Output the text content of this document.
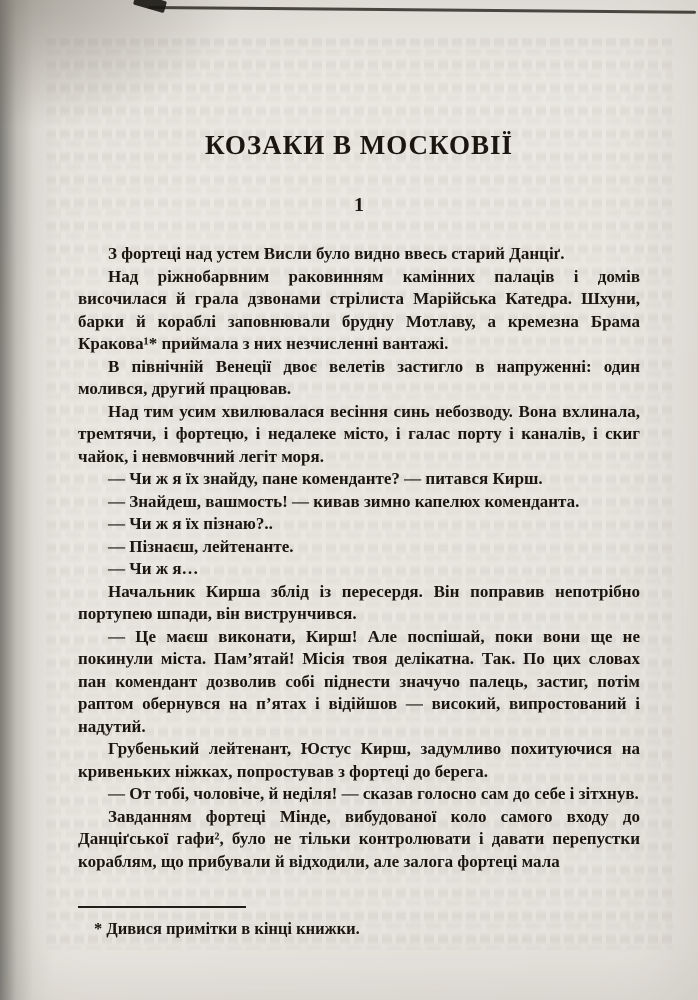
КОЗАКИ В МОСКОВІЇ
1

З фортеці над устем Висли було видно ввесь старий Данціґ.

Над ріжнобарвним раковинням камінних палаців і домів височилася й грала дзвонами стрілиста Марійська Катедра. Шхуни, барки й кораблі заповнювали брудну Мотлаву, а кремезна Брама Кракова¹* приймала з них незчисленні вантажі.

В північній Венеції двоє велетів застигло в напруженні: один молився, другий працював.

Над тим усим хвилювалася весіння синь небозводу. Вона вхлинала, тремтячи, і фортецю, і недалеке місто, і галас порту і каналів, і скиг чайок, і невмовчний легіт моря.

— Чи ж я їх знайду, пане коменданте? — питався Кирш.

— Знайдеш, вашмость! — кивав зимно капелюх коменданта.

— Чи ж я їх пізнаю?..

— Пізнаєш, лейтенанте.

— Чи ж я…

Начальник Кирша зблід із пересердя. Він поправив непотрібно портупею шпади, він виструнчився.

— Це маєш виконати, Кирш! Але поспішай, поки вони ще не покинули міста. Пам’ятай! Місія твоя делікатна. Так. По цих словах пан комендант дозволив собі піднести значучо палець, застиг, потім раптом обернувся на п’ятах і відійшов — високий, випростований і надутий.

Грубенький лейтенант, Юстус Кирш, задумливо похитуючися на кривеньких ніжках, попростував з фортеці до берега.

— От тобі, чоловіче, й неділя! — сказав голосно сам до себе і зітхнув.

Завданням фортеці Мінде, вибудованої коло самого входу до Данціґської гафи², було не тільки контролювати і давати перепустки кораблям, що прибували й відходили, але залога фортеці мала

* Дивися примітки в кінці книжки.
